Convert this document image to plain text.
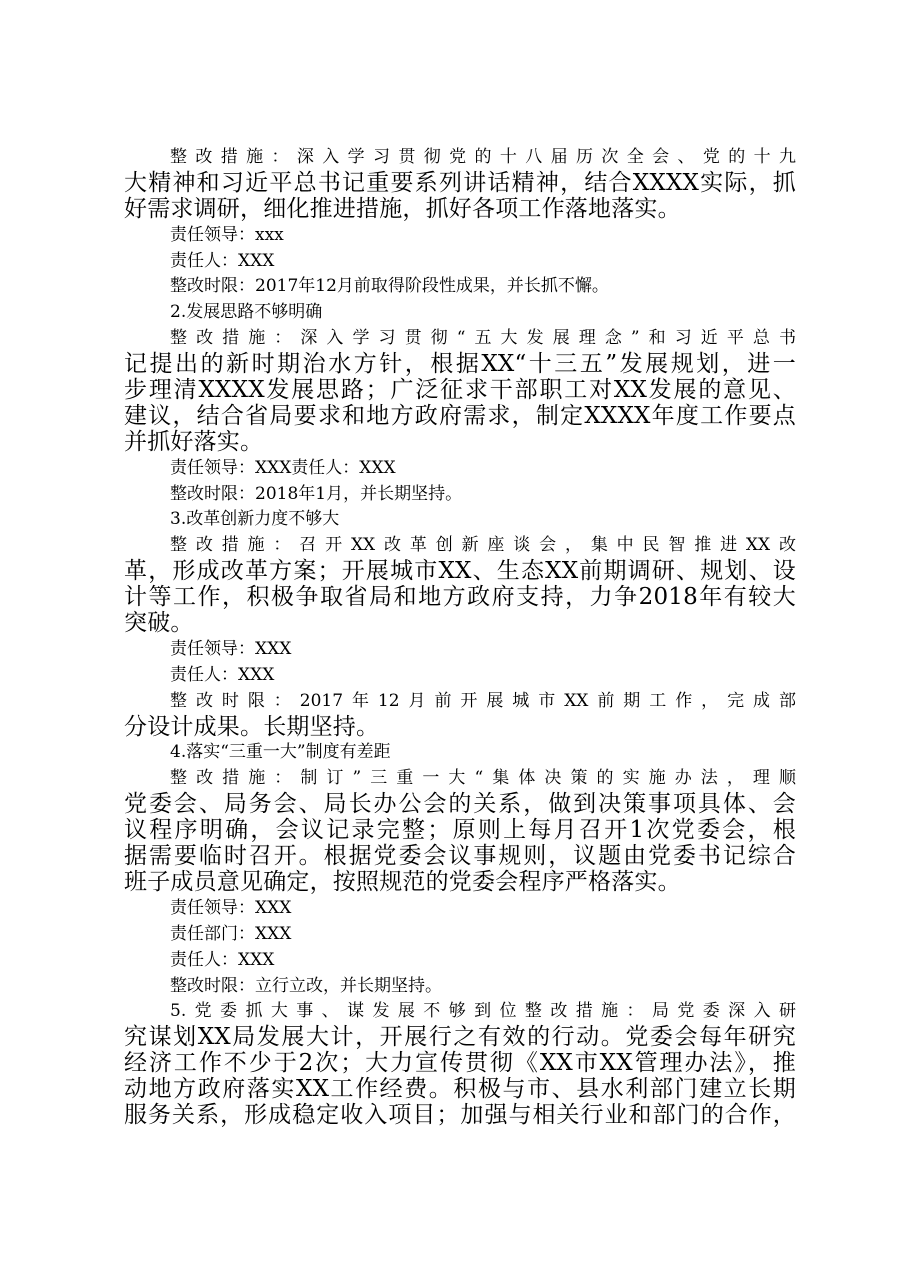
整改措施：深入学习贯彻党的十八届历次全会、党的十九
大精神和习近平总书记重要系列讲话精神，结合XXXX实际，抓
好需求调研，细化推进措施，抓好各项工作落地落实。
责任领导：xxx
责任人：XXX
整改时限：2017年12月前取得阶段性成果，并长抓不懈。
2.发展思路不够明确
整改措施：深入学习贯彻“五大发展理念”和习近平总书
记提出的新时期治水方针，根据XX“十三五”发展规划，进一
步理清XXXX发展思路；广泛征求干部职工对XX发展的意见、
建议，结合省局要求和地方政府需求，制定XXXX年度工作要点
并抓好落实。
责任领导：XXX责任人：XXX
整改时限：2018年1月，并长期坚持。
3.改革创新力度不够大
整改措施：召开XX改革创新座谈会，集中民智推进XX改
革，形成改革方案；开展城市XX、生态XX前期调研、规划、设
计等工作，积极争取省局和地方政府支持，力争2018年有较大
突破。
责任领导：XXX
责任人：XXX
整改时限：2017年12月前开展城市XX前期工作，完成部
分设计成果。长期坚持。
4.落实“三重一大”制度有差距
整改措施：制订”三重一大“集体决策的实施办法，理顺
党委会、局务会、局长办公会的关系，做到决策事项具体、会
议程序明确，会议记录完整；原则上每月召开1次党委会，根
据需要临时召开。根据党委会议事规则，议题由党委书记综合
班子成员意见确定，按照规范的党委会程序严格落实。
责任领导：XXX
责任部门：XXX
责任人：XXX
整改时限：立行立改，并长期坚持。
5.党委抓大事、谋发展不够到位整改措施：局党委深入研
究谋划XX局发展大计，开展行之有效的行动。党委会每年研究
经济工作不少于2次；大力宣传贯彻《XX市XX管理办法》，推
动地方政府落实XX工作经费。积极与市、县水利部门建立长期
服务关系，形成稳定收入项目；加强与相关行业和部门的合作，
